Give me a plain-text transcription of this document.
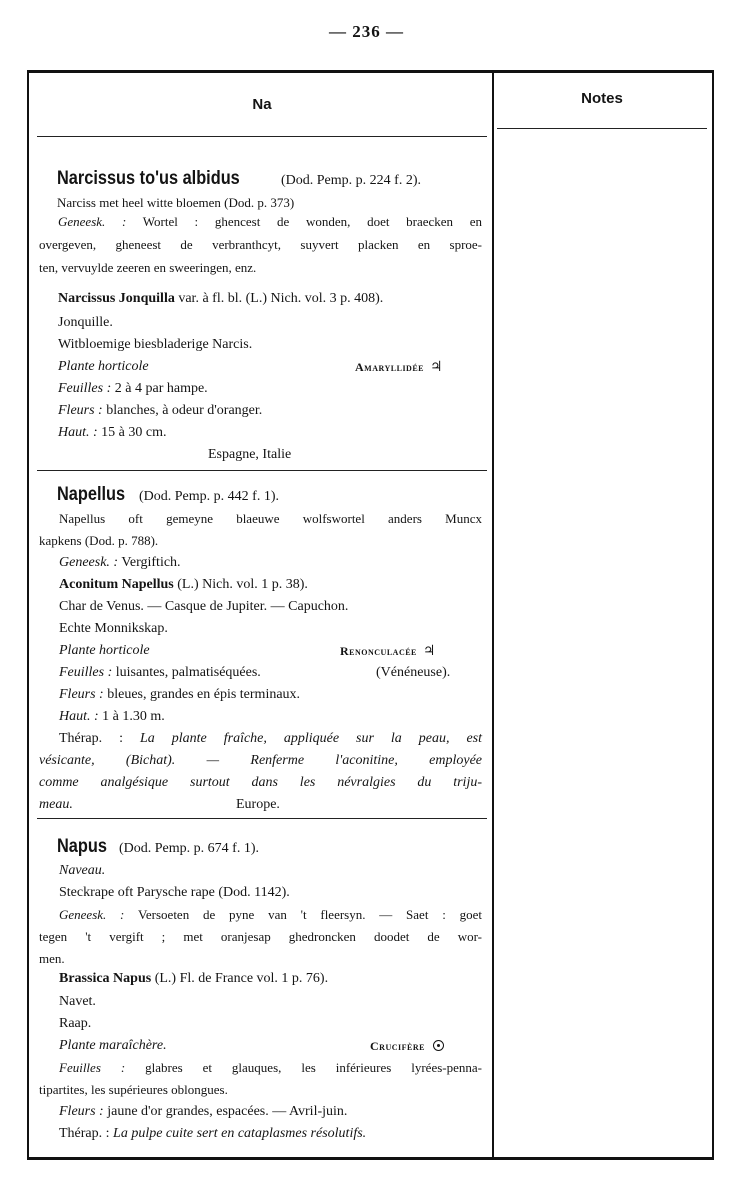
— 236 —
Na	Notes
Narcissus to'us albidus	(Dod. Pemp. p. 224 f. 2).
Narciss met heel witte bloemen (Dod. p. 373)
Geneesk. : Wortel : ghencest de wonden, doet braecken en
overgeven, gheneest de verbranthcyt, suyvert placken en sproe-
ten, vervuylde zeeren en sweeringen, enz.
Narcissus Jonquilla var. à fl. bl. (L.) Nich. vol. 3 p. 408).
Jonquille.
Witbloemige biesbladerige Narcis.
Plante horticole	Amaryllidée ♃
Feuilles : 2 à 4 par hampe.
Fleurs : blanches, à odeur d'oranger.
Haut. : 15 à 30 cm.
Espagne, Italie
Napellus (Dod. Pemp. p. 442 f. 1).
Napellus oft gemeyne blaeuwe wolfswortel anders Muncx
kapkens (Dod. p. 788).
Geneesk. : Vergiftich.
Aconitum Napellus (L.) Nich. vol. 1 p. 38).
Char de Venus. — Casque de Jupiter. — Capuchon.
Echte Monnikskap.
Plante horticole	Renonculacée ♃
Feuilles : luisantes, palmatiséquées.	(Vénéneuse).
Fleurs : bleues, grandes en épis terminaux.
Haut. : 1 à 1.30 m.
Thérap. : La plante fraîche, appliquée sur la peau, est
vésicante, (Bichat). — Renferme l'aconitine, employée
comme analgésique surtout dans les névralgies du triju-
meau.	Europe.
Napus (Dod. Pemp. p. 674 f. 1).
Naveau.
Steckrape oft Parysche rape (Dod. 1142).
Geneesk. : Versoeten de pyne van 't fleersyn. — Saet : goet
tegen 't vergift ; met oranjesap ghedroncken doodet de wor-
men.
Brassica Napus (L.) Fl. de France vol. 1 p. 76).
Navet.
Raap.
Plante maraîchère.	Crucifère
Feuilles : glabres et glauques, les inférieures lyrées-penna-
tipartites, les supérieures oblongues.
Fleurs : jaune d'or grandes, espacées. — Avril-juin.
Thérap. : La pulpe cuite sert en cataplasmes résolutifs.
